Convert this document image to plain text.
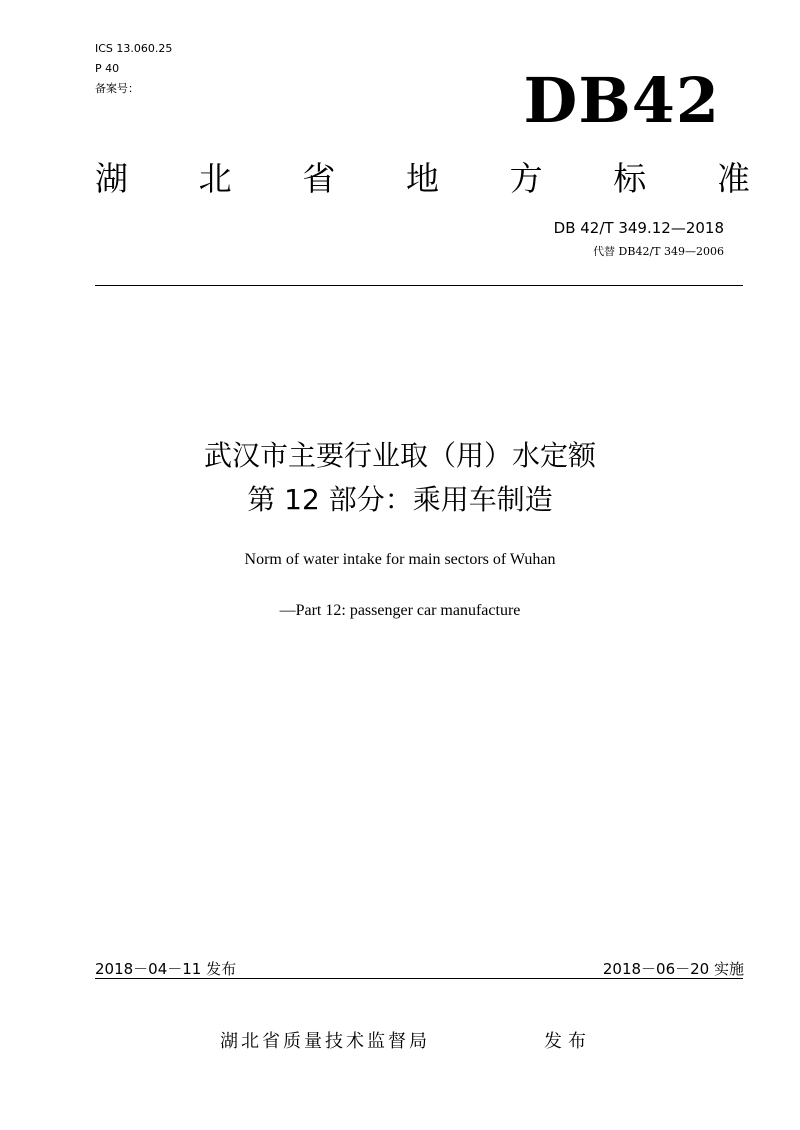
ICS 13.060.25
P 40
备案号：	DB42
湖 北 省 地 方 标 准
DB 42/T 349.12—2018
代替 DB42/T 349—2006
武汉市主要行业取（用）水定额
第 12 部分：乘用车制造
Norm of water intake for main sectors of Wuhan
—Part 12: passenger car manufacture
2018－04－11 发布	2018－06－20 实施
湖北省质量技术监督局	发布
